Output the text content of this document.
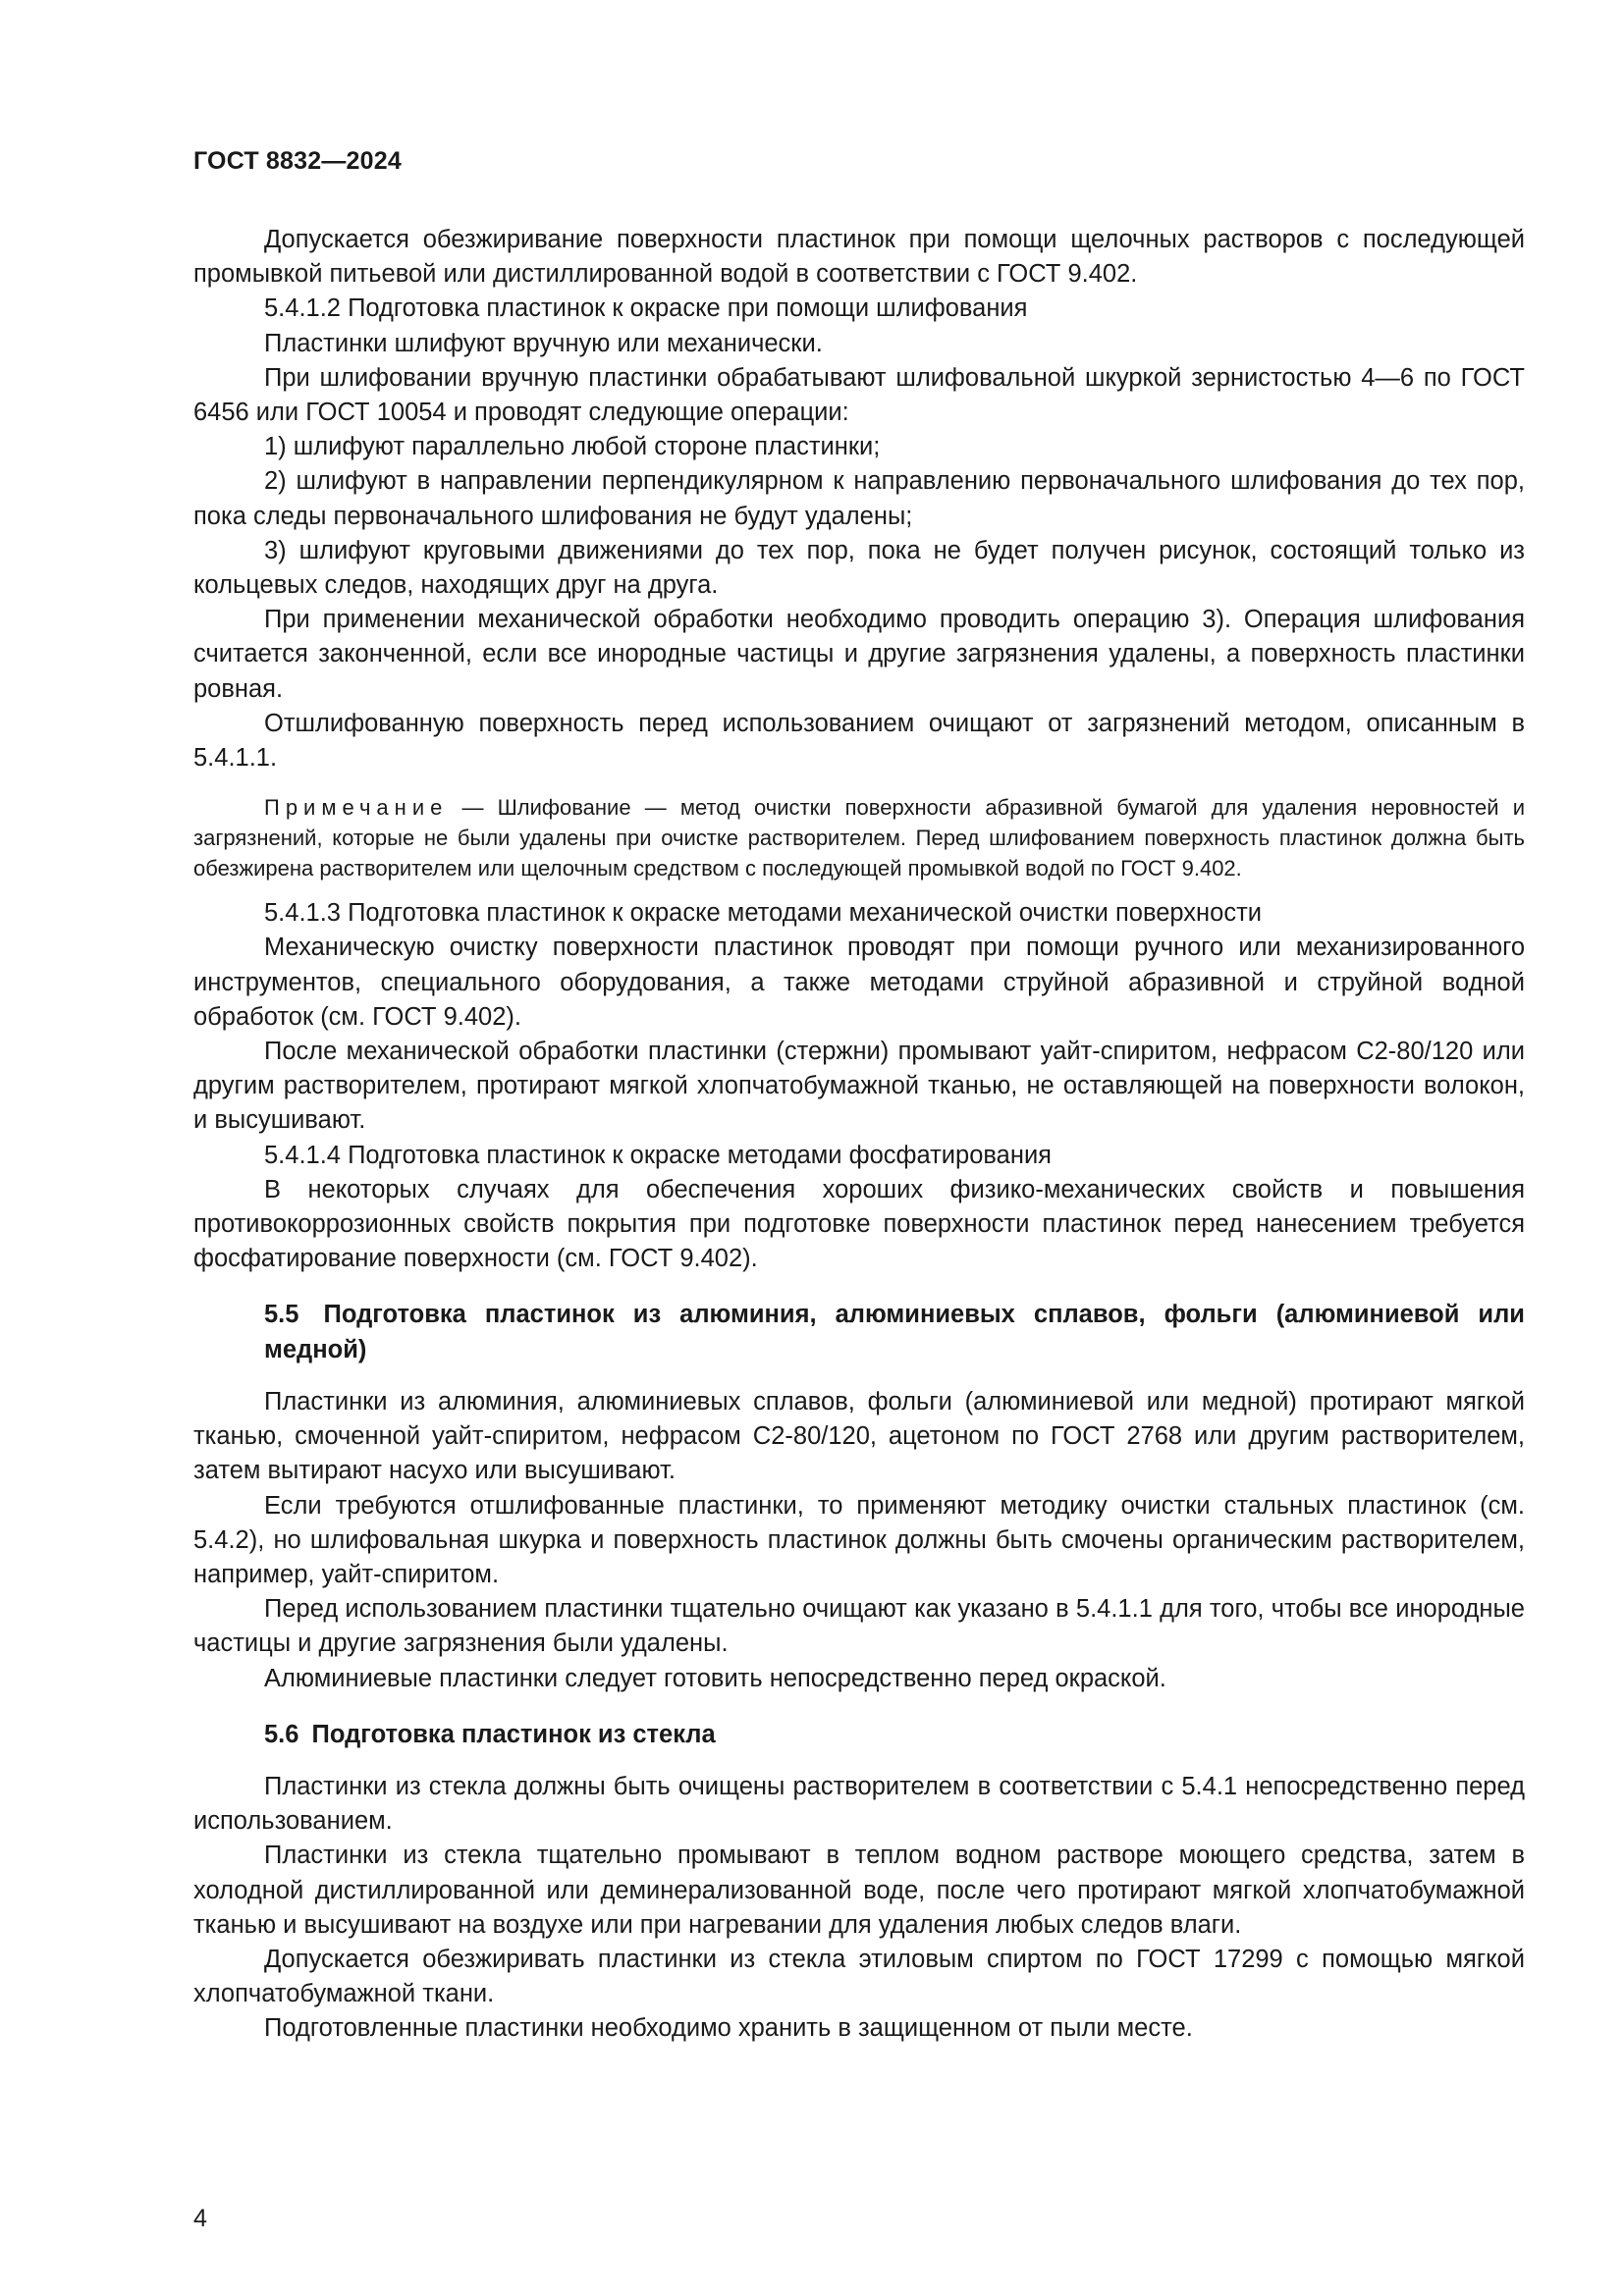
ГОСТ 8832—2024

Допускается обезжиривание поверхности пластинок при помощи щелочных растворов с последующей промывкой питьевой или дистиллированной водой в соответствии с ГОСТ 9.402.

5.4.1.2 Подготовка пластинок к окраске при помощи шлифования

Пластинки шлифуют вручную или механически.

При шлифовании вручную пластинки обрабатывают шлифовальной шкуркой зернистостью 4—6 по ГОСТ 6456 или ГОСТ 10054 и проводят следующие операции:

1) шлифуют параллельно любой стороне пластинки;

2) шлифуют в направлении перпендикулярном к направлению первоначального шлифования до тех пор, пока следы первоначального шлифования не будут удалены;

3) шлифуют круговыми движениями до тех пор, пока не будет получен рисунок, состоящий только из кольцевых следов, находящих друг на друга.

При применении механической обработки необходимо проводить операцию 3). Операция шлифования считается законченной, если все инородные частицы и другие загрязнения удалены, а поверхность пластинки ровная.

Отшлифованную поверхность перед использованием очищают от загрязнений методом, описанным в 5.4.1.1.

Примечание — Шлифование — метод очистки поверхности абразивной бумагой для удаления неровностей и загрязнений, которые не были удалены при очистке растворителем. Перед шлифованием поверхность пластинок должна быть обезжирена растворителем или щелочным средством с последующей промывкой водой по ГОСТ 9.402.

5.4.1.3 Подготовка пластинок к окраске методами механической очистки поверхности

Механическую очистку поверхности пластинок проводят при помощи ручного или механизированного инструментов, специального оборудования, а также методами струйной абразивной и струйной водной обработок (см. ГОСТ 9.402).

После механической обработки пластинки (стержни) промывают уайт-спиритом, нефрасом С2-80/120 или другим растворителем, протирают мягкой хлопчатобумажной тканью, не оставляющей на поверхности волокон, и высушивают.

5.4.1.4 Подготовка пластинок к окраске методами фосфатирования

В некоторых случаях для обеспечения хороших физико-механических свойств и повышения противокоррозионных свойств покрытия при подготовке поверхности пластинок перед нанесением требуется фосфатирование поверхности (см. ГОСТ 9.402).

5.5 Подготовка пластинок из алюминия, алюминиевых сплавов, фольги (алюминиевой или медной)

Пластинки из алюминия, алюминиевых сплавов, фольги (алюминиевой или медной) протирают мягкой тканью, смоченной уайт-спиритом, нефрасом С2-80/120, ацетоном по ГОСТ 2768 или другим растворителем, затем вытирают насухо или высушивают.

Если требуются отшлифованные пластинки, то применяют методику очистки стальных пластинок (см. 5.4.2), но шлифовальная шкурка и поверхность пластинок должны быть смочены органическим растворителем, например, уайт-спиритом.

Перед использованием пластинки тщательно очищают как указано в 5.4.1.1 для того, чтобы все инородные частицы и другие загрязнения были удалены.

Алюминиевые пластинки следует готовить непосредственно перед окраской.

5.6 Подготовка пластинок из стекла

Пластинки из стекла должны быть очищены растворителем в соответствии с 5.4.1 непосредственно перед использованием.

Пластинки из стекла тщательно промывают в теплом водном растворе моющего средства, затем в холодной дистиллированной или деминерализованной воде, после чего протирают мягкой хлопчатобумажной тканью и высушивают на воздухе или при нагревании для удаления любых следов влаги.

Допускается обезжиривать пластинки из стекла этиловым спиртом по ГОСТ 17299 с помощью мягкой хлопчатобумажной ткани.

Подготовленные пластинки необходимо хранить в защищенном от пыли месте.

4
